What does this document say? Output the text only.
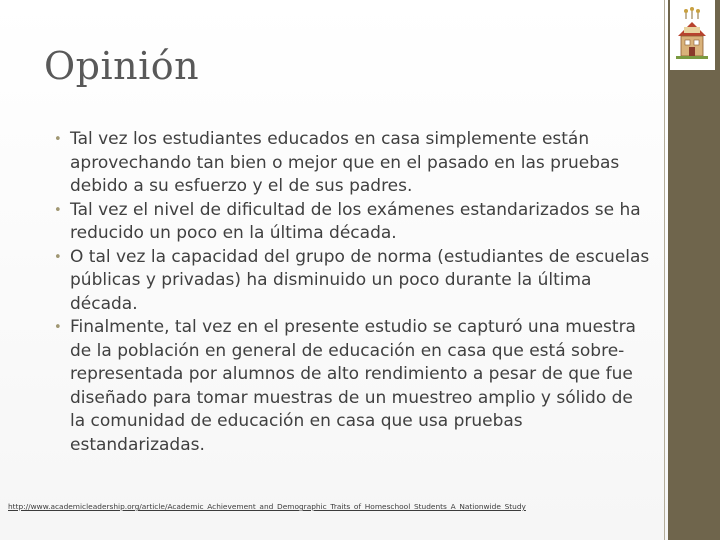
Opinión
• Tal vez los estudiantes educados en casa simplemente están aprovechando tan bien o mejor que en el pasado en las pruebas debido a su esfuerzo y el de sus padres.
• Tal vez el nivel de dificultad de los exámenes estandarizados se ha reducido un poco en la última década.
• O tal vez la capacidad del grupo de norma (estudiantes de escuelas públicas y privadas) ha disminuido un poco durante la última década.
• Finalmente, tal vez en el presente estudio se capturó una muestra de la población en general de educación en casa que está sobre-representada por alumnos de alto rendimiento a pesar de que fue diseñado para tomar muestras de un muestreo amplio y sólido de la comunidad de educación en casa que usa pruebas estandarizadas.
http://www.academicleadership.org/article/Academic_Achievement_and_Demographic_Traits_of_Homeschool_Students_A_Nationwide_Study
